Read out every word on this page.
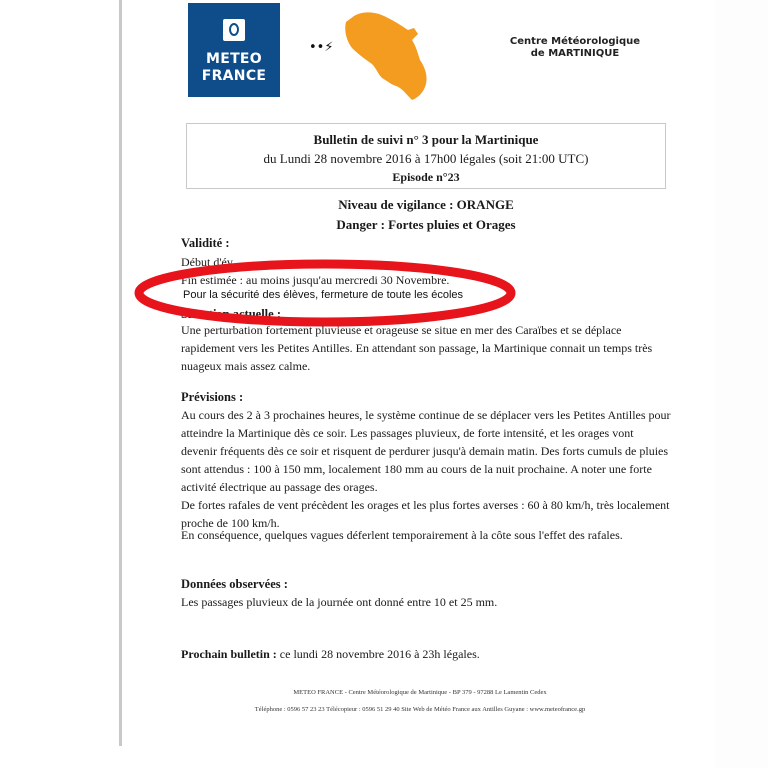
METEO
FRANCE
••⚡	Centre Météorologique
de MARTINIQUE
Bulletin de suivi n° 3 pour la Martinique
du Lundi 28 novembre 2016 à 17h00 légales (soit 21:00 UTC)
Episode n°23
Niveau de vigilance : ORANGE
Danger : Fortes pluies et Orages
Validité :
Début d'év
Fin estimée : au moins jusqu'au mercredi 30 Novembre.
Pour la sécurité des élèves, fermeture de toute les écoles
Situation actuelle :
Une perturbation fortement pluvieuse et orageuse se situe en mer des Caraïbes et se déplace rapidement vers les Petites Antilles. En attendant son passage, la Martinique connait un temps très nuageux mais assez calme.
Prévisions :
Au cours des 2 à 3 prochaines heures, le système continue de se déplacer vers les Petites Antilles pour atteindre la Martinique dès ce soir. Les passages pluvieux, de forte intensité, et les orages vont devenir fréquents dès ce soir et risquent de perdurer jusqu'à demain matin. Des forts cumuls de pluies sont attendus : 100 à 150 mm, localement 180 mm au cours de la nuit prochaine. A noter une forte activité électrique au passage des orages.
De fortes rafales de vent précèdent les orages et les plus fortes averses : 60 à 80 km/h, très localement proche de 100 km/h.
En conséquence, quelques vagues déferlent temporairement à la côte sous l'effet des rafales.
Données observées :
Les passages pluvieux de la journée ont donné entre 10 et 25 mm.
Prochain bulletin : ce lundi 28 novembre 2016 à 23h légales.
METEO FRANCE - Centre Météorologique de Martinique - BP 379 - 97288 Le Lamentin Cedex
Téléphone : 0596 57 23 23 Télécopieur : 0596 51 29 40 Site Web de Météo France aux Antilles Guyane : www.meteofrance.gp
